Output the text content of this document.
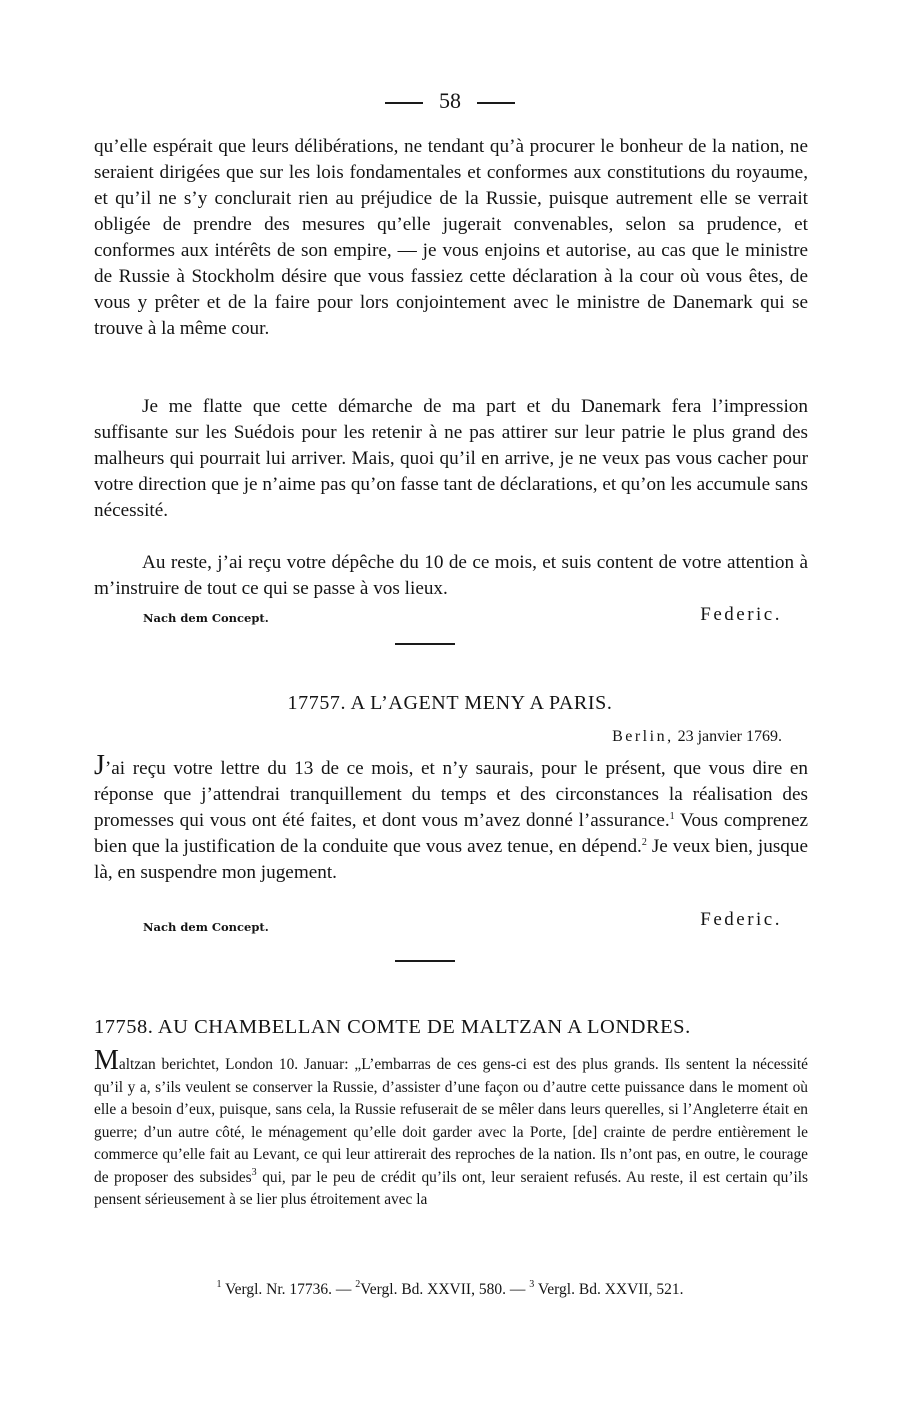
58

qu’elle espérait que leurs délibérations, ne tendant qu’à procurer le bonheur de la nation, ne seraient dirigées que sur les lois fondamentales et conformes aux constitutions du royaume, et qu’il ne s’y conclurait rien au préjudice de la Russie, puisque autrement elle se verrait obligée de prendre des mesures qu’elle jugerait convenables, selon sa prudence, et conformes aux intérêts de son empire, — je vous enjoins et autorise, au cas que le ministre de Russie à Stockholm désire que vous fassiez cette déclaration à la cour où vous êtes, de vous y prêter et de la faire pour lors conjointement avec le ministre de Danemark qui se trouve à la même cour.

Je me flatte que cette démarche de ma part et du Danemark fera l’impression suffisante sur les Suédois pour les retenir à ne pas attirer sur leur patrie le plus grand des malheurs qui pourrait lui arriver. Mais, quoi qu’il en arrive, je ne veux pas vous cacher pour votre direction que je n’aime pas qu’on fasse tant de déclarations, et qu’on les accumule sans nécessité.

Au reste, j’ai reçu votre dépêche du 10 de ce mois, et suis content de votre attention à m’instruire de tout ce qui se passe à vos lieux.

Nach dem Concept.	Federic.
17757. A L’AGENT MENY A PARIS.
Berlin, 23 janvier 1769.

J’ai reçu votre lettre du 13 de ce mois, et n’y saurais, pour le présent, que vous dire en réponse que j’attendrai tranquillement du temps et des circonstances la réalisation des promesses qui vous ont été faites, et dont vous m’avez donné l’assurance.$^1$ Vous comprenez bien que la justification de la conduite que vous avez tenue, en dépend.$^2$ Je veux bien, jusque là, en suspendre mon jugement.

Nach dem Concept.	Federic.
17758. AU CHAMBELLAN COMTE DE MALTZAN A LONDRES.

Maltzan berichtet, London 10. Januar: „L’embarras de ces gens-ci est des plus grands. Ils sentent la nécessité qu’il y a, s’ils veulent se conserver la Russie, d’assister d’une façon ou d’autre cette puissance dans le moment où elle a besoin d’eux, puisque, sans cela, la Russie refuserait de se mêler dans leurs querelles, si l’Angleterre était en guerre; d’un autre côté, le ménagement qu’elle doit garder avec la Porte, [de] crainte de perdre entièrement le commerce qu’elle fait au Levant, ce qui leur attirerait des reproches de la nation. Ils n’ont pas, en outre, le courage de proposer des subsides$^3$ qui, par le peu de crédit qu’ils ont, leur seraient refusés. Au reste, il est certain qu’ils pensent sérieusement à se lier plus étroitement avec la

$^1$ Vergl. Nr. 17736. — $^2$Vergl. Bd. XXVII, 580. — $^3$ Vergl. Bd. XXVII, 521.
